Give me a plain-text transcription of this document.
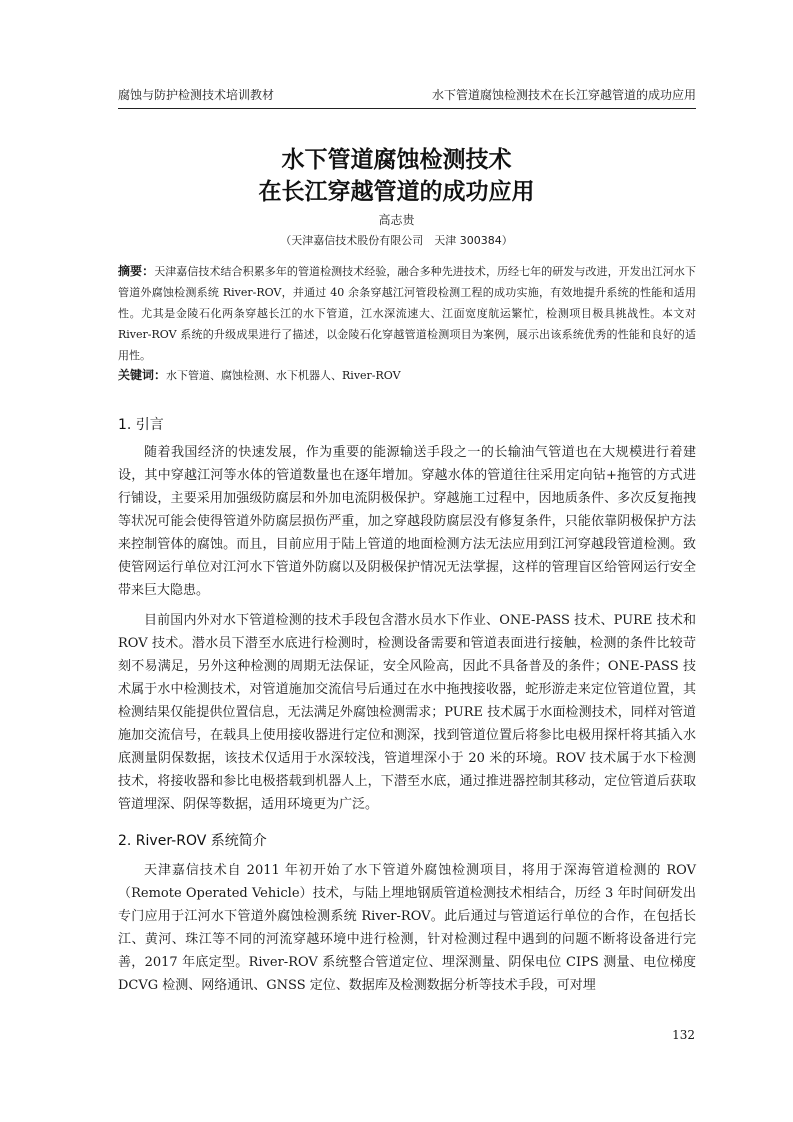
腐蚀与防护检测技术培训教材	水下管道腐蚀检测技术在长江穿越管道的成功应用
水下管道腐蚀检测技术
在长江穿越管道的成功应用
高志贵
（天津嘉信技术股份有限公司　天津 300384）
摘要：天津嘉信技术结合积累多年的管道检测技术经验，融合多种先进技术，历经七年的研发与改进，开发出江河水下管道外腐蚀检测系统 River-ROV，并通过 40 余条穿越江河管段检测工程的成功实施，有效地提升系统的性能和适用性。尤其是金陵石化两条穿越长江的水下管道，江水深流速大、江面宽度航运繁忙，检测项目极具挑战性。本文对 River-ROV 系统的升级成果进行了描述，以金陵石化穿越管道检测项目为案例，展示出该系统优秀的性能和良好的适用性。
关键词：水下管道、腐蚀检测、水下机器人、River-ROV
1. 引言
随着我国经济的快速发展，作为重要的能源输送手段之一的长输油气管道也在大规模进行着建设，其中穿越江河等水体的管道数量也在逐年增加。穿越水体的管道往往采用定向钻+拖管的方式进行铺设，主要采用加强级防腐层和外加电流阴极保护。穿越施工过程中，因地质条件、多次反复拖拽等状况可能会使得管道外防腐层损伤严重，加之穿越段防腐层没有修复条件，只能依靠阴极保护方法来控制管体的腐蚀。而且，目前应用于陆上管道的地面检测方法无法应用到江河穿越段管道检测。致使管网运行单位对江河水下管道外防腐以及阴极保护情况无法掌握，这样的管理盲区给管网运行安全带来巨大隐患。
目前国内外对水下管道检测的技术手段包含潜水员水下作业、ONE-PASS 技术、PURE 技术和 ROV 技术。潜水员下潜至水底进行检测时，检测设备需要和管道表面进行接触，检测的条件比较苛刻不易满足，另外这种检测的周期无法保证，安全风险高，因此不具备普及的条件；ONE-PASS 技术属于水中检测技术，对管道施加交流信号后通过在水中拖拽接收器，蛇形游走来定位管道位置，其检测结果仅能提供位置信息，无法满足外腐蚀检测需求；PURE 技术属于水面检测技术，同样对管道施加交流信号，在载具上使用接收器进行定位和测深，找到管道位置后将参比电极用探杆将其插入水底测量阴保数据，该技术仅适用于水深较浅，管道埋深小于 20 米的环境。ROV 技术属于水下检测技术，将接收器和参比电极搭载到机器人上，下潜至水底，通过推进器控制其移动，定位管道后获取管道埋深、阴保等数据，适用环境更为广泛。
2. River-ROV 系统简介
天津嘉信技术自 2011 年初开始了水下管道外腐蚀检测项目，将用于深海管道检测的 ROV（Remote Operated Vehicle）技术，与陆上埋地钢质管道检测技术相结合，历经 3 年时间研发出专门应用于江河水下管道外腐蚀检测系统 River-ROV。此后通过与管道运行单位的合作，在包括长江、黄河、珠江等不同的河流穿越环境中进行检测，针对检测过程中遇到的问题不断将设备进行完善，2017 年底定型。River-ROV 系统整合管道定位、埋深测量、阴保电位 CIPS 测量、电位梯度 DCVG 检测、网络通讯、GNSS 定位、数据库及检测数据分析等技术手段，可对埋
132
